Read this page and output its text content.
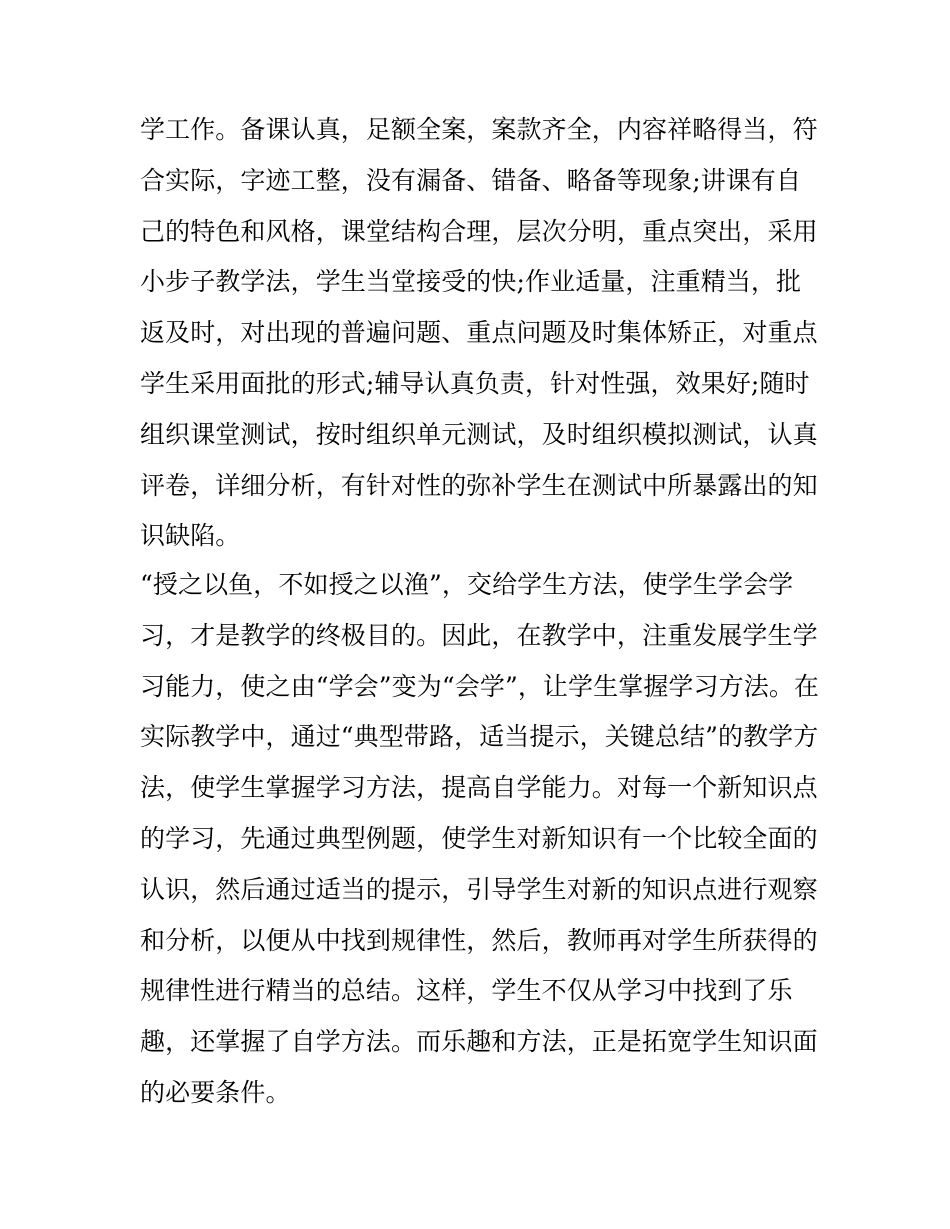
学工作。备课认真，足额全案，案款齐全，内容祥略得当，符
合实际，字迹工整，没有漏备、错备、略备等现象;讲课有自
己的特色和风格，课堂结构合理，层次分明，重点突出，采用
小步子教学法，学生当堂接受的快;作业适量，注重精当，批
返及时，对出现的普遍问题、重点问题及时集体矫正，对重点
学生采用面批的形式;辅导认真负责，针对性强，效果好;随时
组织课堂测试，按时组织单元测试，及时组织模拟测试，认真
评卷，详细分析，有针对性的弥补学生在测试中所暴露出的知
识缺陷。
“授之以鱼，不如授之以渔”，交给学生方法，使学生学会学
习，才是教学的终极目的。因此，在教学中，注重发展学生学
习能力，使之由“学会”变为“会学”，让学生掌握学习方法。在
实际教学中，通过“典型带路，适当提示，关键总结”的教学方
法，使学生掌握学习方法，提高自学能力。对每一个新知识点
的学习，先通过典型例题，使学生对新知识有一个比较全面的
认识，然后通过适当的提示，引导学生对新的知识点进行观察
和分析，以便从中找到规律性，然后，教师再对学生所获得的
规律性进行精当的总结。这样，学生不仅从学习中找到了乐
趣，还掌握了自学方法。而乐趣和方法，正是拓宽学生知识面
的必要条件。
